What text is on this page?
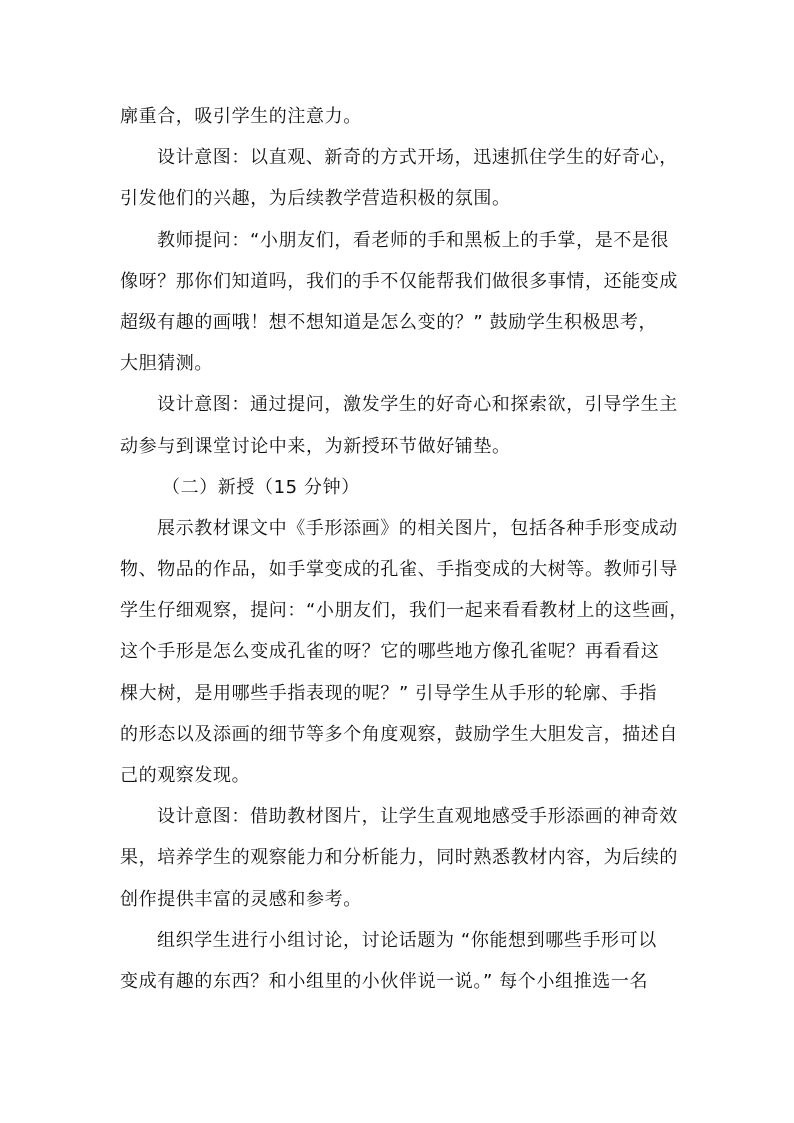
廓重合，吸引学生的注意力。
设计意图：以直观、新奇的方式开场，迅速抓住学生的好奇心，
引发他们的兴趣，为后续教学营造积极的氛围。
教师提问：“小朋友们，看老师的手和黑板上的手掌，是不是很
像呀？那你们知道吗，我们的手不仅能帮我们做很多事情，还能变成
超级有趣的画哦！想不想知道是怎么变的？” 鼓励学生积极思考，
大胆猜测。
设计意图：通过提问，激发学生的好奇心和探索欲，引导学生主
动参与到课堂讨论中来，为新授环节做好铺垫。
（二）新授（15 分钟）
展示教材课文中《手形添画》的相关图片，包括各种手形变成动
物、物品的作品，如手掌变成的孔雀、手指变成的大树等。教师引导
学生仔细观察，提问：“小朋友们，我们一起来看看教材上的这些画，
这个手形是怎么变成孔雀的呀？它的哪些地方像孔雀呢？再看看这
棵大树，是用哪些手指表现的呢？” 引导学生从手形的轮廓、手指
的形态以及添画的细节等多个角度观察，鼓励学生大胆发言，描述自
己的观察发现。
设计意图：借助教材图片，让学生直观地感受手形添画的神奇效
果，培养学生的观察能力和分析能力，同时熟悉教材内容，为后续的
创作提供丰富的灵感和参考。
组织学生进行小组讨论，讨论话题为 “你能想到哪些手形可以
变成有趣的东西？和小组里的小伙伴说一说。” 每个小组推选一名
